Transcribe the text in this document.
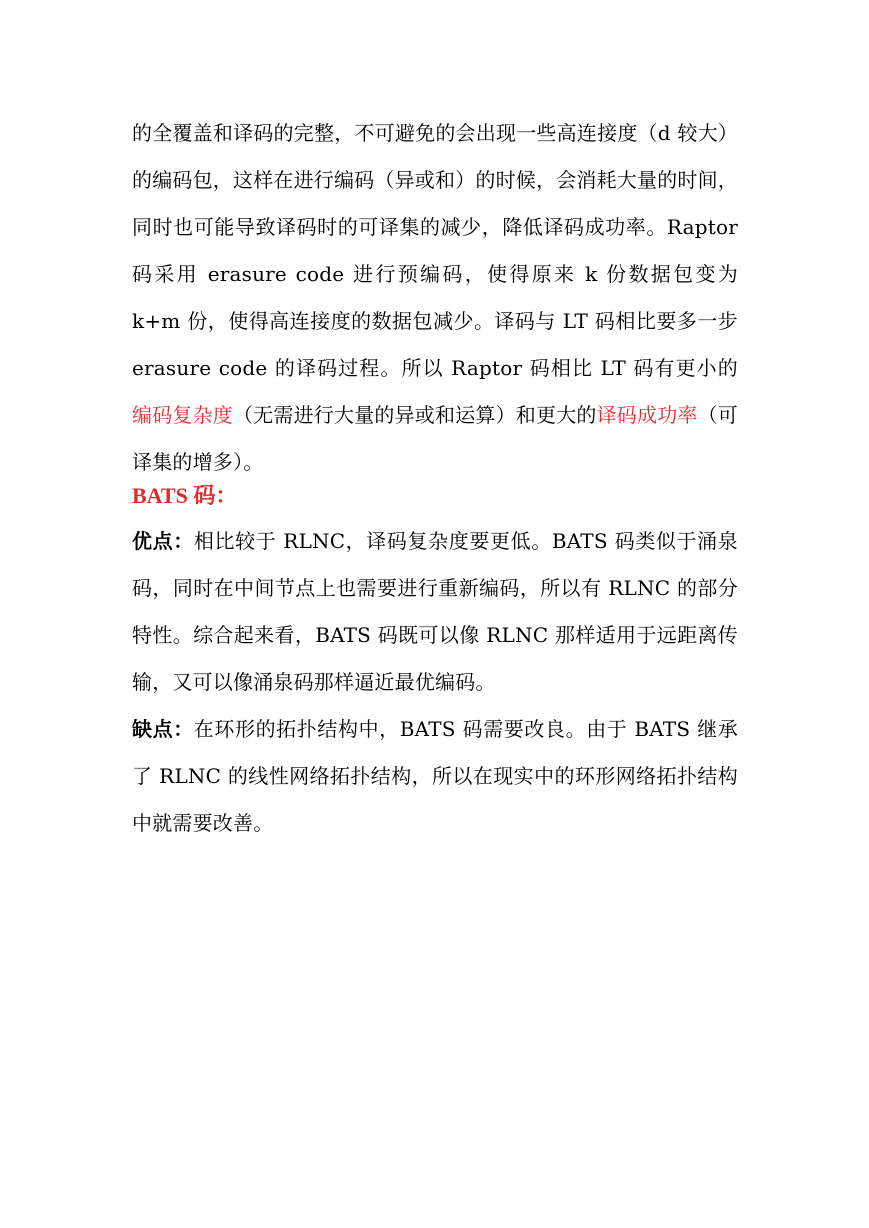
的全覆盖和译码的完整，不可避免的会出现一些高连接度（d 较大）的编码包，这样在进行编码（异或和）的时候，会消耗大量的时间，同时也可能导致译码时的可译集的减少，降低译码成功率。Raptor 码采用 erasure code 进行预编码，使得原来 k 份数据包变为 k+m 份，使得高连接度的数据包减少。译码与 LT 码相比要多一步 erasure code 的译码过程。所以 Raptor 码相比 LT 码有更小的编码复杂度（无需进行大量的异或和运算）和更大的译码成功率（可译集的增多）。

BATS 码：

优点：相比较于 RLNC，译码复杂度要更低。BATS 码类似于涌泉码，同时在中间节点上也需要进行重新编码，所以有 RLNC 的部分特性。综合起来看，BATS 码既可以像 RLNC 那样适用于远距离传输，又可以像涌泉码那样逼近最优编码。

缺点：在环形的拓扑结构中，BATS 码需要改良。由于 BATS 继承了 RLNC 的线性网络拓扑结构，所以在现实中的环形网络拓扑结构中就需要改善。
